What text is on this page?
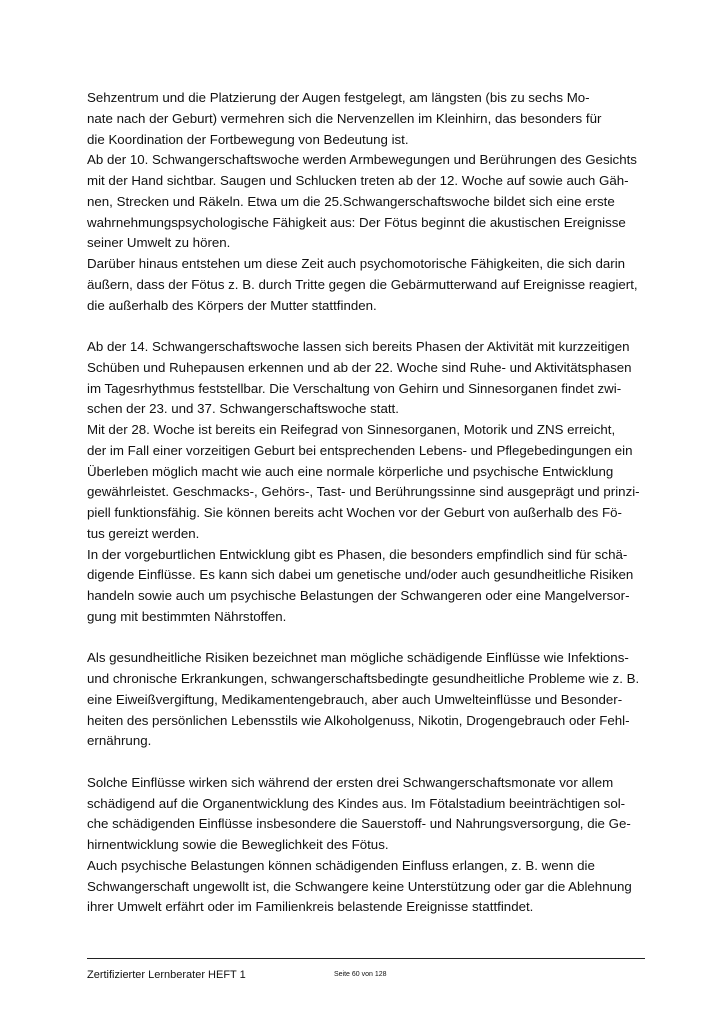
Sehzentrum und die Platzierung der Augen festgelegt, am längsten (bis zu sechs Mo-
nate nach der Geburt) vermehren sich die Nervenzellen im Kleinhirn, das besonders für
die Koordination der Fortbewegung von Bedeutung ist.
Ab der 10. Schwangerschaftswoche werden Armbewegungen und Berührungen des Gesichts
mit der Hand sichtbar. Saugen und Schlucken treten ab der 12. Woche auf sowie auch Gäh-
nen, Strecken und Räkeln. Etwa um die 25.Schwangerschaftswoche bildet sich eine erste
wahrnehmungspsychologische Fähigkeit aus: Der Fötus beginnt die akustischen Ereignisse
seiner Umwelt zu hören.
Darüber hinaus entstehen um diese Zeit auch psychomotorische Fähigkeiten, die sich darin
äußern, dass der Fötus z. B. durch Tritte gegen die Gebärmutterwand auf Ereignisse reagiert,
die außerhalb des Körpers der Mutter stattfinden.
Ab der 14. Schwangerschaftswoche lassen sich bereits Phasen der Aktivität mit kurzzeitigen
Schüben und Ruhepausen erkennen und ab der 22. Woche sind Ruhe- und Aktivitätsphasen
im Tagesrhythmus feststellbar. Die Verschaltung von Gehirn und Sinnesorganen findet zwi-
schen der 23. und 37. Schwangerschaftswoche statt.
Mit der 28. Woche ist bereits ein Reifegrad von Sinnesorganen, Motorik und ZNS erreicht,
der im Fall einer vorzeitigen Geburt bei entsprechenden Lebens- und Pflegebedingungen ein
Überleben möglich macht wie auch eine normale körperliche und psychische Entwicklung
gewährleistet. Geschmacks-, Gehörs-, Tast- und Berührungssinne sind ausgeprägt und prinzi-
piell funktionsfähig. Sie können bereits acht Wochen vor der Geburt von außerhalb des Fö-
tus gereizt werden.
In der vorgeburtlichen Entwicklung gibt es Phasen, die besonders empfindlich sind für schä-
digende Einflüsse. Es kann sich dabei um genetische und/oder auch gesundheitliche Risiken
handeln sowie auch um psychische Belastungen der Schwangeren oder eine Mangelversor-
gung mit bestimmten Nährstoffen.
Als gesundheitliche Risiken bezeichnet man mögliche schädigende Einflüsse wie Infektions-
und chronische Erkrankungen, schwangerschaftsbedingte gesundheitliche Probleme wie z. B.
eine Eiweißvergiftung, Medikamentengebrauch, aber auch Umwelteinflüsse und Besonder-
heiten des persönlichen Lebensstils wie Alkoholgenuss, Nikotin, Drogengebrauch oder Fehl-
ernährung.
Solche Einflüsse wirken sich während der ersten drei Schwangerschaftsmonate vor allem
schädigend auf die Organentwicklung des Kindes aus. Im Fötalstadium beeinträchtigen sol-
che schädigenden Einflüsse insbesondere die Sauerstoff- und Nahrungsversorgung, die Ge-
hirnentwicklung sowie die Beweglichkeit des Fötus.
Auch psychische Belastungen können schädigenden Einfluss erlangen, z. B. wenn die
Schwangerschaft ungewollt ist, die Schwangere keine Unterstützung oder gar die Ablehnung
ihrer Umwelt erfährt oder im Familienkreis belastende Ereignisse stattfindet.
Zertifizierter Lernberater HEFT 1	Seite 60 von 128
